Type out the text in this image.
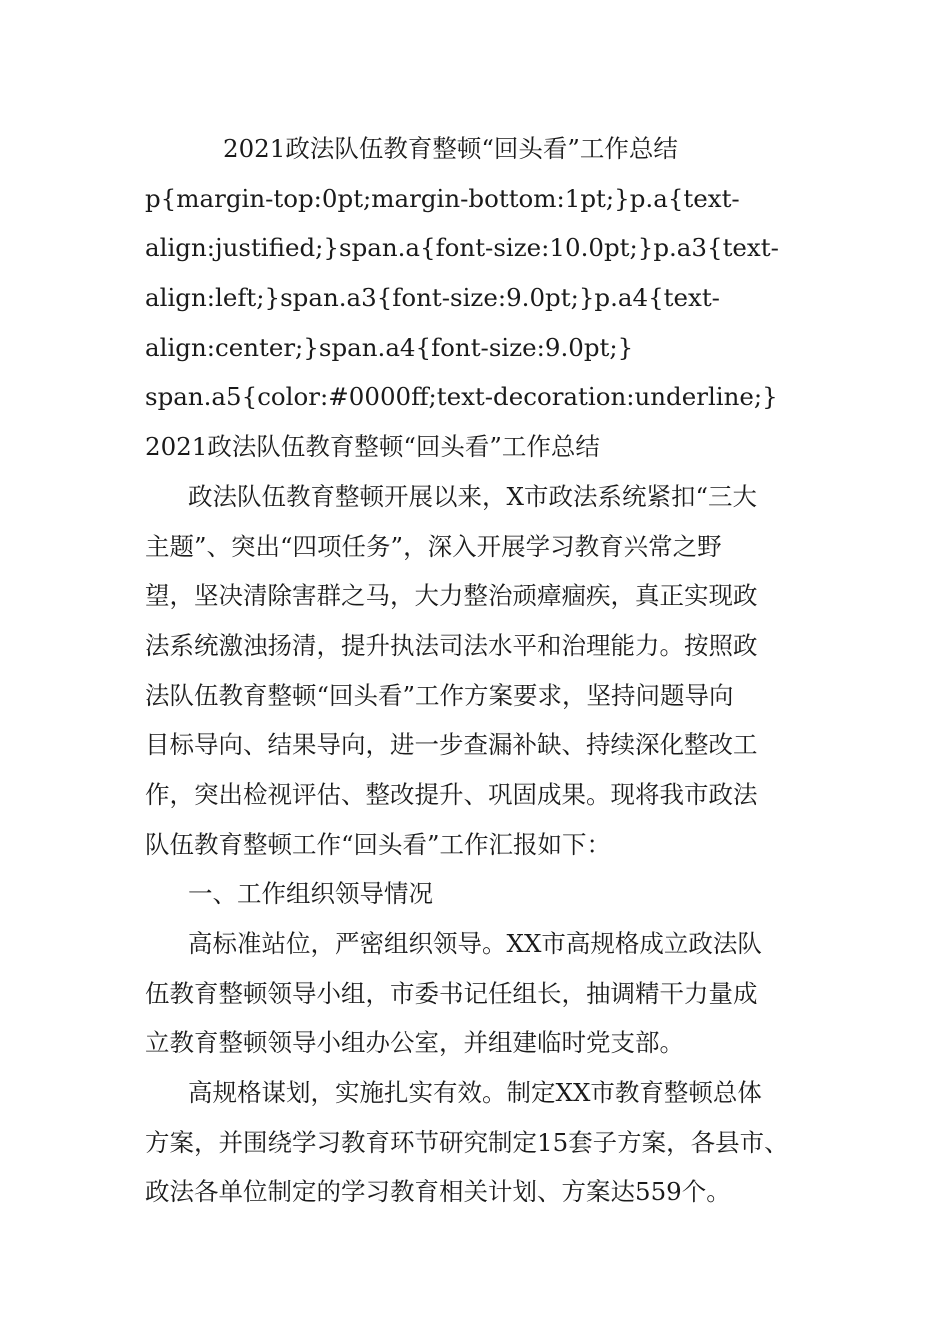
2021政法队伍教育整顿“回头看”工作总结
p{margin-top:0pt;margin-bottom:1pt;}p.a{text-
align:justified;}span.a{font-size:10.0pt;}p.a3{text-
align:left;}span.a3{font-size:9.0pt;}p.a4{text-
align:center;}span.a4{font-size:9.0pt;}
span.a5{color:#0000ff;text-decoration:underline;}
2021政法队伍教育整顿“回头看”工作总结
政法队伍教育整顿开展以来，X市政法系统紧扣“三大
主题”、突出“四项任务”，深入开展学习教育兴常之野
望，坚决清除害群之马，大力整治顽瘴痼疾，真正实现政
法系统激浊扬清，提升执法司法水平和治理能力。按照政
法队伍教育整顿“回头看”工作方案要求，坚持问题导向
目标导向、结果导向，进一步查漏补缺、持续深化整改工
作，突出检视评估、整改提升、巩固成果。现将我市政法
队伍教育整顿工作“回头看”工作汇报如下：
一、工作组织领导情况
高标准站位，严密组织领导。XX市高规格成立政法队
伍教育整顿领导小组，市委书记任组长，抽调精干力量成
立教育整顿领导小组办公室，并组建临时党支部。
高规格谋划，实施扎实有效。制定XX市教育整顿总体
方案，并围绕学习教育环节研究制定15套子方案，各县市、
政法各单位制定的学习教育相关计划、方案达559个。
